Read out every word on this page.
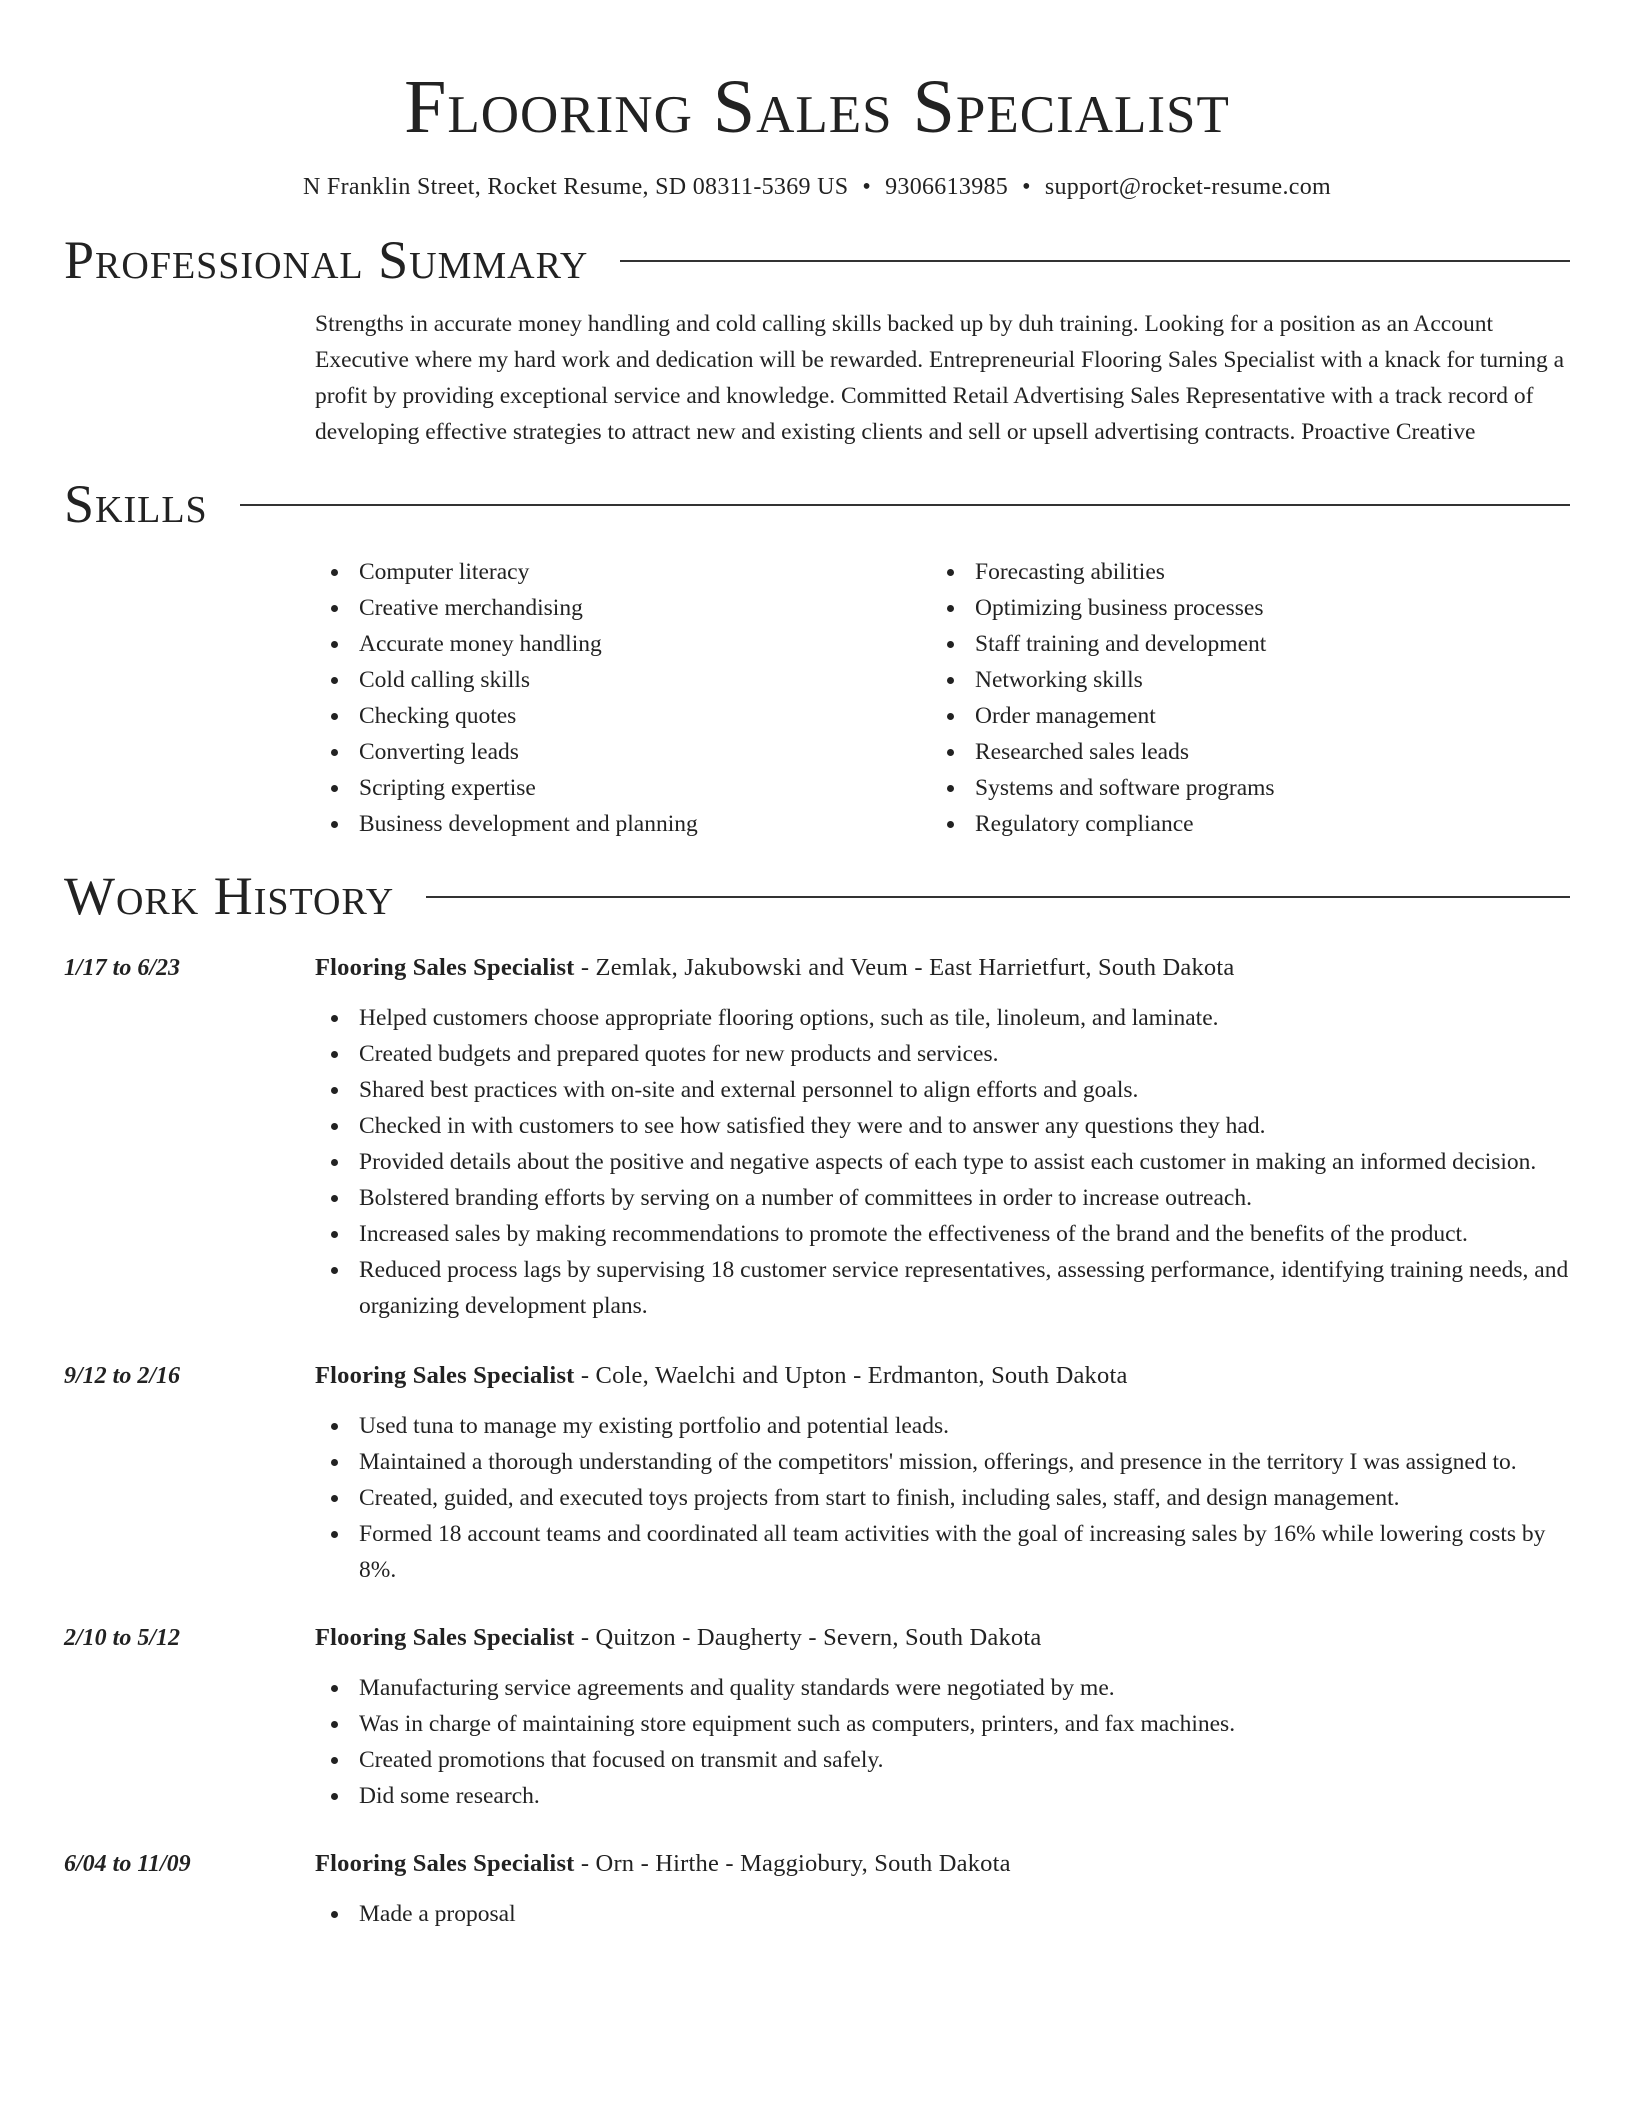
Flooring Sales Specialist
N Franklin Street, Rocket Resume, SD 08311-5369 US • 9306613985 • support@rocket-resume.com
Professional Summary
Strengths in accurate money handling and cold calling skills backed up by duh training. Looking for a position as an Account Executive where my hard work and dedication will be rewarded. Entrepreneurial Flooring Sales Specialist with a knack for turning a profit by providing exceptional service and knowledge. Committed Retail Advertising Sales Representative with a track record of developing effective strategies to attract new and existing clients and sell or upsell advertising contracts. Proactive Creative
Skills
Computer literacy
Creative merchandising
Accurate money handling
Cold calling skills
Checking quotes
Converting leads
Scripting expertise
Business development and planning
Forecasting abilities
Optimizing business processes
Staff training and development
Networking skills
Order management
Researched sales leads
Systems and software programs
Regulatory compliance
Work History
1/17 to 6/23	Flooring Sales Specialist - Zemlak, Jakubowski and Veum - East Harrietfurt, South Dakota
Helped customers choose appropriate flooring options, such as tile, linoleum, and laminate.
Created budgets and prepared quotes for new products and services.
Shared best practices with on-site and external personnel to align efforts and goals.
Checked in with customers to see how satisfied they were and to answer any questions they had.
Provided details about the positive and negative aspects of each type to assist each customer in making an informed decision.
Bolstered branding efforts by serving on a number of committees in order to increase outreach.
Increased sales by making recommendations to promote the effectiveness of the brand and the benefits of the product.
Reduced process lags by supervising 18 customer service representatives, assessing performance, identifying training needs, and organizing development plans.
9/12 to 2/16	Flooring Sales Specialist - Cole, Waelchi and Upton - Erdmanton, South Dakota
Used tuna to manage my existing portfolio and potential leads.
Maintained a thorough understanding of the competitors' mission, offerings, and presence in the territory I was assigned to.
Created, guided, and executed toys projects from start to finish, including sales, staff, and design management.
Formed 18 account teams and coordinated all team activities with the goal of increasing sales by 16% while lowering costs by 8%.
2/10 to 5/12	Flooring Sales Specialist - Quitzon - Daugherty - Severn, South Dakota
Manufacturing service agreements and quality standards were negotiated by me.
Was in charge of maintaining store equipment such as computers, printers, and fax machines.
Created promotions that focused on transmit and safely.
Did some research.
6/04 to 11/09	Flooring Sales Specialist - Orn - Hirthe - Maggiobury, South Dakota
Made a proposal
